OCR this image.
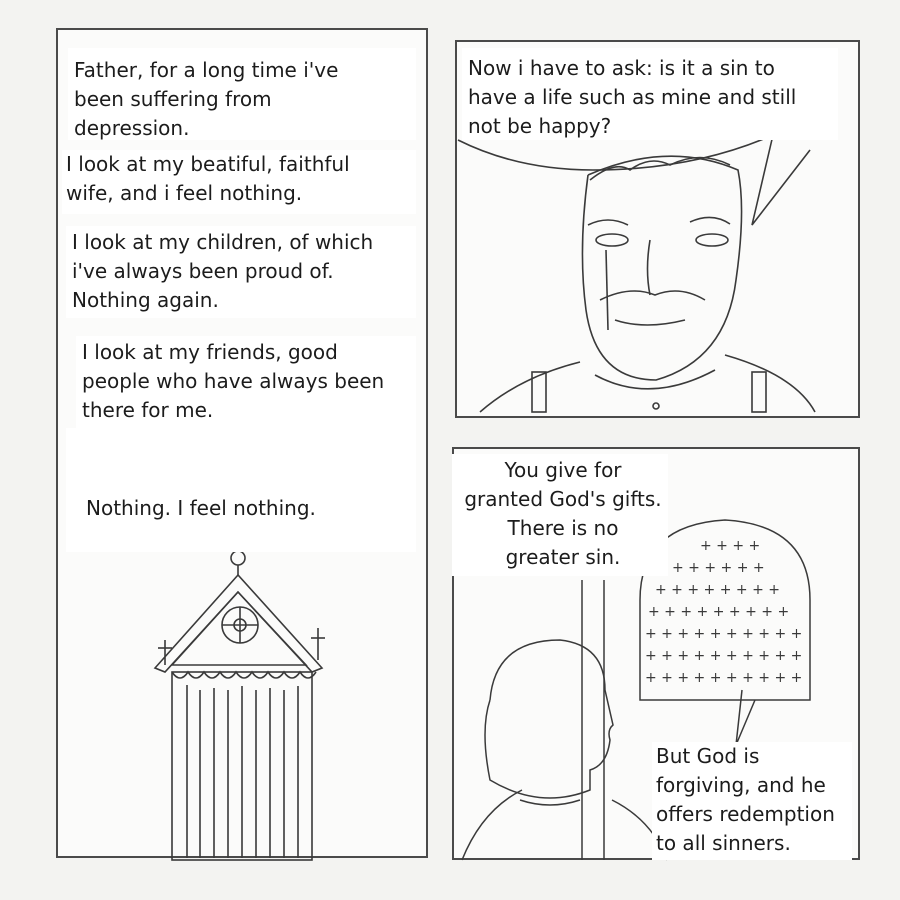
+ + + +
+ + + + + +
+ + + + + + + +
+ + + + + + + + +
+ + + + + + + + + +
+ + + + + + + + + +
+ + + + + + + + + +
Father, for a long time i've
been suffering from
depression.
I look at my beatiful, faithful
wife, and i feel nothing.
I look at my children, of which
i've always been proud of.
Nothing again.
I look at my friends, good
people who have always been
there for me.
Nothing. I feel nothing.
Now i have to ask: is it a sin to
have a life such as mine and still
not be happy?
You give for
granted God's gifts.
There is no
greater sin.
But God is
forgiving, and he
offers redemption
to all sinners.
